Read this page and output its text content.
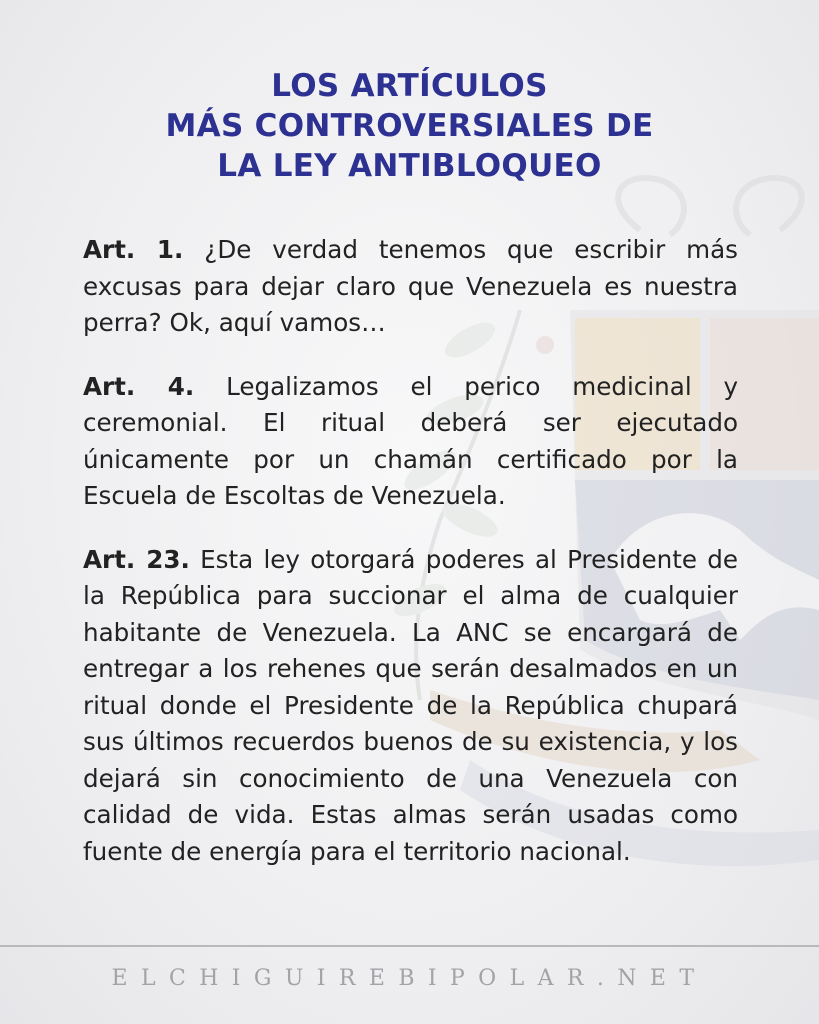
LOS ARTÍCULOS
MÁS CONTROVERSIALES DE
LA LEY ANTIBLOQUEO

Art. 1. ¿De verdad tenemos que escribir más excusas para dejar claro que Venezuela es nuestra perra? Ok, aquí vamos…

Art. 4. Legalizamos el perico medicinal y ceremonial. El ritual deberá ser ejecutado únicamente por un chamán certificado por la Escuela de Escoltas de Venezuela.

Art. 23. Esta ley otorgará poderes al Presidente de la República para succionar el alma de cualquier habitante de Venezuela. La ANC se encargará de entregar a los rehenes que serán desalmados en un ritual donde el Presidente de la República chupará sus últimos recuerdos buenos de su existencia, y los dejará sin conocimiento de una Venezuela con calidad de vida. Estas almas serán usadas como fuente de energía para el territorio nacional.

ELCHIGUIREBIPOLAR.NET
